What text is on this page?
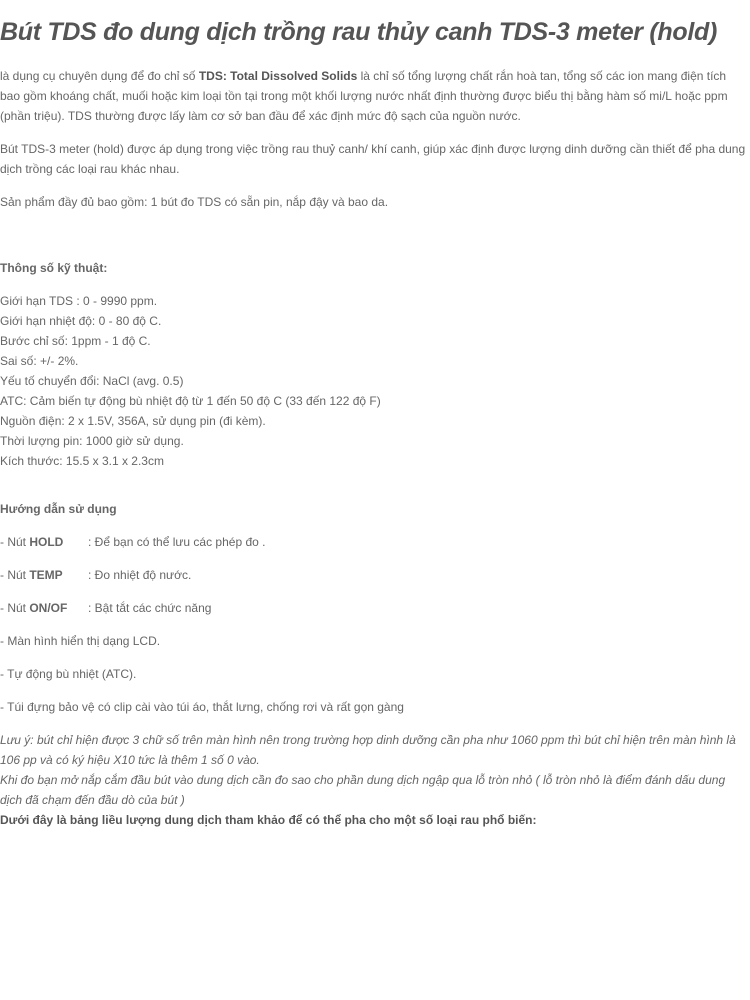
Bút TDS đo dung dịch trồng rau thủy canh TDS-3 meter (hold)

là dụng cụ chuyên dụng để đo chỉ số TDS: Total Dissolved Solids là chỉ số tổng lượng chất rắn hoà tan, tổng số các ion mang điện tích bao gồm khoáng chất, muối hoặc kim loại tồn tại trong một khối lượng nước nhất định thường được biểu thị bằng hàm số mi/L hoặc ppm (phần triệu). TDS thường được lấy làm cơ sở ban đầu để xác định mức độ sạch của nguồn nước.

Bút TDS-3 meter (hold) được áp dụng trong việc trồng rau thuỷ canh/ khí canh, giúp xác định được lượng dinh dưỡng cần thiết để pha dung dịch trồng các loại rau khác nhau.

Sản phẩm đầy đủ bao gồm: 1 bút đo TDS có sẵn pin, nắp đậy và bao da.

Thông số kỹ thuật:
Giới hạn TDS : 0 - 9990 ppm.
Giới hạn nhiệt độ: 0 - 80 độ C.
Bước chỉ số: 1ppm - 1 độ C.
Sai số: +/- 2%.
Yếu tố chuyển đổi: NaCl (avg. 0.5)
ATC: Cảm biến tự động bù nhiệt độ từ 1 đến 50 độ C (33 đến 122 độ F)
Nguồn điện: 2 x 1.5V, 356A, sử dụng pin (đi kèm).
Thời lượng pin: 1000 giờ sử dụng.
Kích thước: 15.5 x 3.1 x 2.3cm
Hướng dẫn sử dụng
- Nút HOLD : Để bạn có thể lưu các phép đo .
- Nút TEMP : Đo nhiệt độ nước.
- Nút ON/OF : Bật tắt các chức năng

- Màn hình hiển thị dạng LCD.

- Tự động bù nhiệt (ATC).

- Túi đựng bảo vệ có clip cài vào túi áo, thắt lưng, chống rơi và rất gọn gàng

Lưu ý: bút chỉ hiện được 3 chữ số trên màn hình nên trong trường hợp dinh dưỡng cần pha như 1060 ppm thì bút chỉ hiện trên màn hình là 106 pp và có ký hiệu X10 tức là thêm 1 số 0 vào.
Khi đo bạn mở nắp cắm đầu bút vào dung dịch cần đo sao cho phần dung dịch ngập qua lỗ tròn nhỏ ( lỗ tròn nhỏ là điểm đánh dấu dung dịch đã chạm đến đầu dò của bút )
Dưới đây là bảng liều lượng dung dịch tham khảo để có thể pha cho một số loại rau phổ biến:
